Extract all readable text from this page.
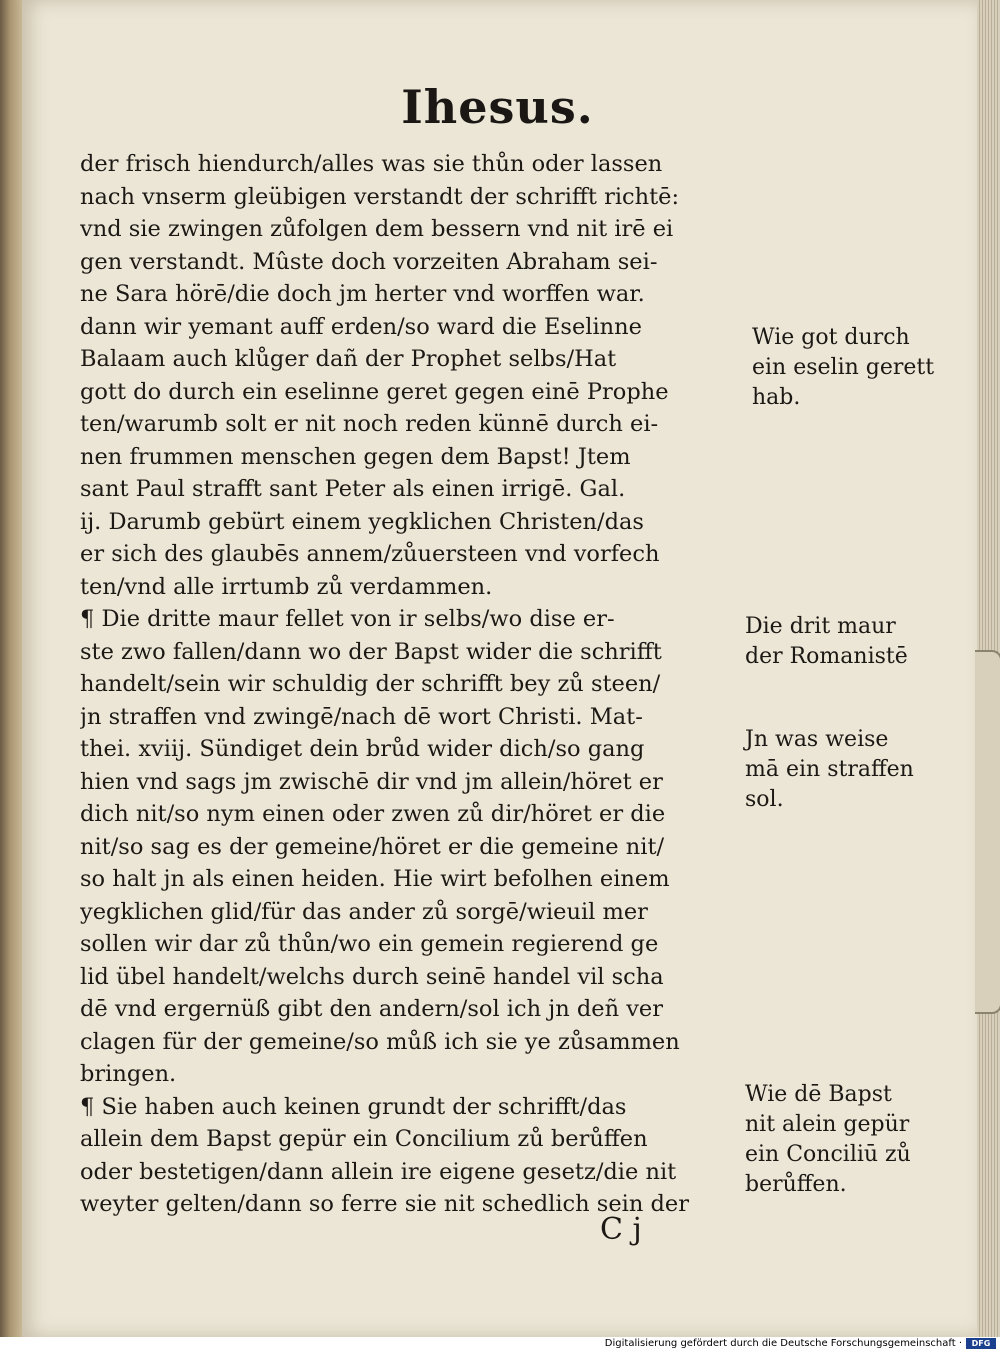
Ihesus.
der frisch hiendurch/alles was sie thůn oder lassen
nach vnserm gleübigen verstandt der schrifft richtē:
vnd sie zwingen zůfolgen dem bessern vnd nit irē ei
gen verstandt. Mûste doch vorzeiten Abraham sei-
ne Sara hörē/die doch jm herter vnd worffen war.
dann wir yemant auff erden/so ward die Eselinne
Balaam auch klůger dañ der Prophet selbs/Hat
gott do durch ein eselinne geret gegen einē Prophe
ten/warumb solt er nit noch reden künnē durch ei-
nen frummen menschen gegen dem Bapst! Jtem
sant Paul strafft sant Peter als einen irrigē. Gal.
ij. Darumb gebürt einem yegklichen Christen/das
er sich des glaubēs annem/zůuersteen vnd vorfech
ten/vnd alle irrtumb zů verdammen.
¶ Die dritte maur fellet von ir selbs/wo dise er-
ste zwo fallen/dann wo der Bapst wider die schrifft
handelt/sein wir schuldig der schrifft bey zů steen/
jn straffen vnd zwingē/nach dē wort Christi. Mat-
thei. xviij. Sündiget dein brůd wider dich/so gang
hien vnd sags jm zwischē dir vnd jm allein/höret er
dich nit/so nym einen oder zwen zů dir/höret er die
nit/so sag es der gemeine/höret er die gemeine nit/
so halt jn als einen heiden. Hie wirt befolhen einem
yegklichen glid/für das ander zů sorgē/wieuil mer
sollen wir dar zů thůn/wo ein gemein regierend ge
lid übel handelt/welchs durch seinē handel vil scha
dē vnd ergernüß gibt den andern/sol ich jn deñ ver
clagen für der gemeine/so můß ich sie ye zůsammen
bringen.
¶ Sie haben auch keinen grundt der schrifft/das
allein dem Bapst gepür ein Concilium zů berůffen
oder bestetigen/dann allein ire eigene gesetz/die nit
weyter gelten/dann so ferre sie nit schedlich sein der
Wie got durch
ein eselin gerett
hab.
Die drit maur
der Romanistē
Jn was weise
mā ein straffen
sol.
Wie dē Bapst
nit alein gepür
ein Conciliū zů
berůffen.
C j
Digitalisierung gefördert durch die Deutsche Forschungsgemeinschaft ·	DFG
